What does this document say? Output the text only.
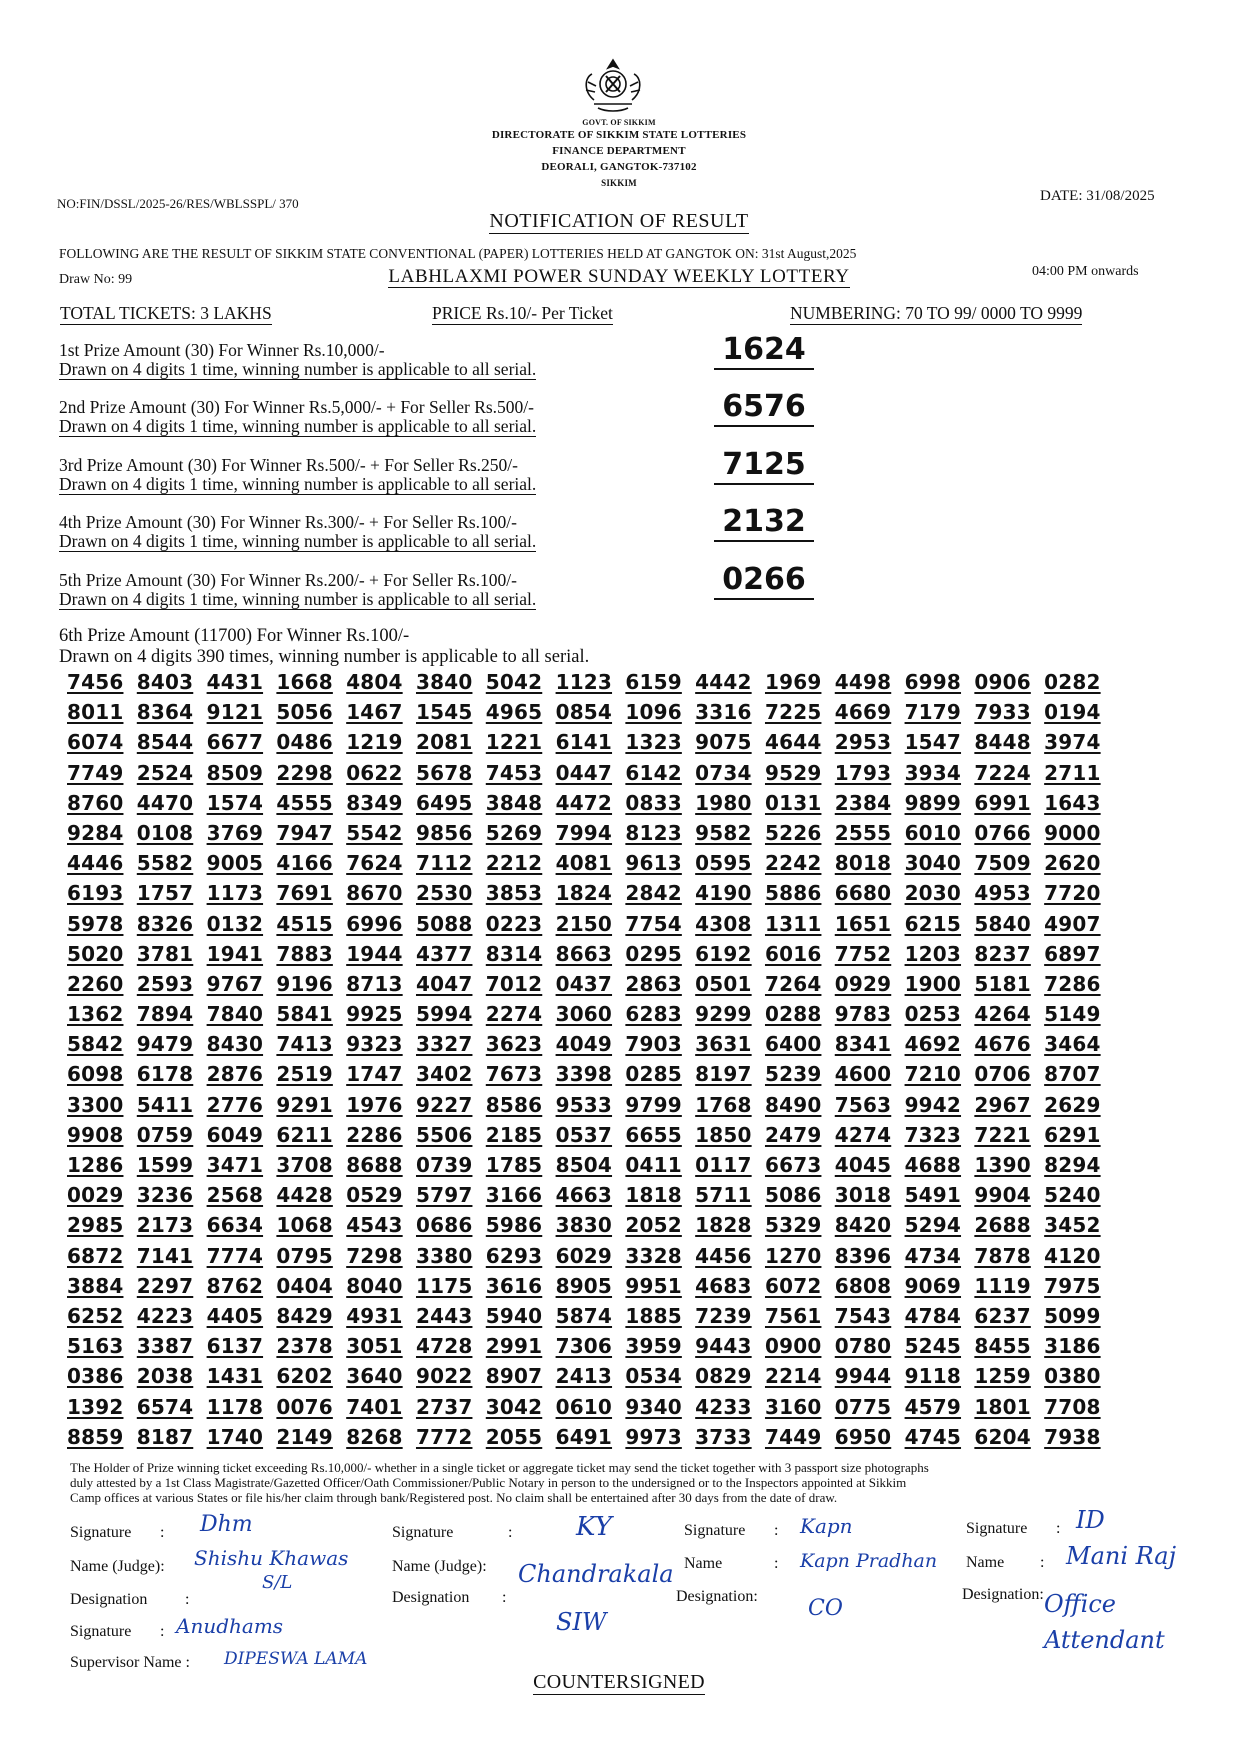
GOVT. OF SIKKIM
DIRECTORATE OF SIKKIM STATE LOTTERIES
FINANCE DEPARTMENT
DEORALI, GANGTOK-737102
SIKKIM
NO:FIN/DSSL/2025-26/RES/WBLSSPL/ 370	DATE: 31/08/2025
NOTIFICATION OF RESULT
FOLLOWING ARE THE RESULT OF SIKKIM STATE CONVENTIONAL (PAPER) LOTTERIES HELD AT GANGTOK ON: 31st August,2025
Draw No: 99	LABHLAXMI POWER SUNDAY WEEKLY LOTTERY	04:00 PM onwards
TOTAL TICKETS: 3 LAKHS	PRICE Rs.10/- Per Ticket	NUMBERING: 70 TO 99/ 0000 TO 9999
1st Prize Amount (30) For Winner Rs.10,000/-
Drawn on 4 digits 1 time, winning number is applicable to all serial.
1624
2nd Prize Amount (30) For Winner Rs.5,000/- + For Seller Rs.500/-
Drawn on 4 digits 1 time, winning number is applicable to all serial.
6576
3rd Prize Amount (30) For Winner Rs.500/- + For Seller Rs.250/-
Drawn on 4 digits 1 time, winning number is applicable to all serial.
7125
4th Prize Amount (30) For Winner Rs.300/- + For Seller Rs.100/-
Drawn on 4 digits 1 time, winning number is applicable to all serial.
2132
5th Prize Amount (30) For Winner Rs.200/- + For Seller Rs.100/-
Drawn on 4 digits 1 time, winning number is applicable to all serial.
0266
6th Prize Amount (11700) For Winner Rs.100/-
Drawn on 4 digits 390 times, winning number is applicable to all serial.
7456 8403 4431 1668 4804 3840 5042 1123 6159 4442 1969 4498 6998 0906 0282
8011 8364 9121 5056 1467 1545 4965 0854 1096 3316 7225 4669 7179 7933 0194
6074 8544 6677 0486 1219 2081 1221 6141 1323 9075 4644 2953 1547 8448 3974
7749 2524 8509 2298 0622 5678 7453 0447 6142 0734 9529 1793 3934 7224 2711
8760 4470 1574 4555 8349 6495 3848 4472 0833 1980 0131 2384 9899 6991 1643
9284 0108 3769 7947 5542 9856 5269 7994 8123 9582 5226 2555 6010 0766 9000
4446 5582 9005 4166 7624 7112 2212 4081 9613 0595 2242 8018 3040 7509 2620
6193 1757 1173 7691 8670 2530 3853 1824 2842 4190 5886 6680 2030 4953 7720
5978 8326 0132 4515 6996 5088 0223 2150 7754 4308 1311 1651 6215 5840 4907
5020 3781 1941 7883 1944 4377 8314 8663 0295 6192 6016 7752 1203 8237 6897
2260 2593 9767 9196 8713 4047 7012 0437 2863 0501 7264 0929 1900 5181 7286
1362 7894 7840 5841 9925 5994 2274 3060 6283 9299 0288 9783 0253 4264 5149
5842 9479 8430 7413 9323 3327 3623 4049 7903 3631 6400 8341 4692 4676 3464
6098 6178 2876 2519 1747 3402 7673 3398 0285 8197 5239 4600 7210 0706 8707
3300 5411 2776 9291 1976 9227 8586 9533 9799 1768 8490 7563 9942 2967 2629
9908 0759 6049 6211 2286 5506 2185 0537 6655 1850 2479 4274 7323 7221 6291
1286 1599 3471 3708 8688 0739 1785 8504 0411 0117 6673 4045 4688 1390 8294
0029 3236 2568 4428 0529 5797 3166 4663 1818 5711 5086 3018 5491 9904 5240
2985 2173 6634 1068 4543 0686 5986 3830 2052 1828 5329 8420 5294 2688 3452
6872 7141 7774 0795 7298 3380 6293 6029 3328 4456 1270 8396 4734 7878 4120
3884 2297 8762 0404 8040 1175 3616 8905 9951 4683 6072 6808 9069 1119 7975
6252 4223 4405 8429 4931 2443 5940 5874 1885 7239 7561 7543 4784 6237 5099
5163 3387 6137 2378 3051 4728 2991 7306 3959 9443 0900 0780 5245 8455 3186
0386 2038 1431 6202 3640 9022 8907 2413 0534 0829 2214 9944 9118 1259 0380
1392 6574 1178 0076 7401 2737 3042 0610 9340 4233 3160 0775 4579 1801 7708
8859 8187 1740 2149 8268 7772 2055 6491 9973 3733 7449 6950 4745 6204 7938
The Holder of Prize winning ticket exceeding Rs.10,000/- whether in a single ticket or aggregate ticket may send the ticket together with 3 passport size photographs
duly attested by a 1st Class Magistrate/Gazetted Officer/Oath Commissioner/Public Notary in person to the undersigned or to the Inspectors appointed at Sikkim
Camp offices at various States or file his/her claim through bank/Registered post. No claim shall be entertained after 30 days from the date of draw.
Signature : Dhm
Name (Judge): Shishu Khawas
Designation :
S/L
Signature : Anudhams
Supervisor Name : DIPESWA LAMA
Signature	: KY
Name (Judge): Chandrakala
Designation :
SIW
Signature : Kapn
Name	: Kapn Pradhan
Designation: CO
Signature : ID
Name : Mani Raj
Designation: Office Attendant
COUNTERSIGNED
